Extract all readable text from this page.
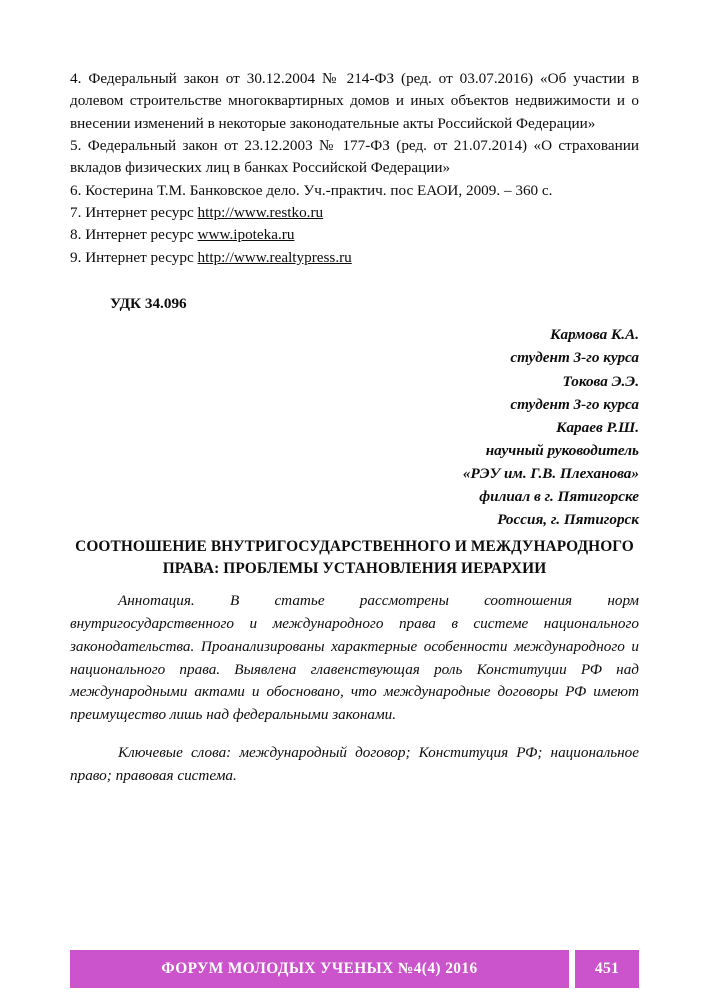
4. Федеральный закон от 30.12.2004 № 214-ФЗ (ред. от 03.07.2016) «Об участии в долевом строительстве многоквартирных домов и иных объектов недвижимости и о внесении изменений в некоторые законодательные акты Российской Федерации»

5. Федеральный закон от 23.12.2003 № 177-ФЗ (ред. от 21.07.2014) «О страховании вкладов физических лиц в банках Российской Федерации»

6. Костерина Т.М. Банковское дело. Уч.-практич. пос ЕАОИ, 2009. – 360 с.

7. Интернет ресурс http://www.restko.ru

8. Интернет ресурс www.ipoteka.ru

9. Интернет ресурс http://www.realtypress.ru

УДК 34.096
Кармова К.А.
студент 3-го курса
Токова Э.Э.
студент 3-го курса
Караев Р.Ш.
научный руководитель
«РЭУ им. Г.В. Плеханова»
филиал в г. Пятигорске
Россия, г. Пятигорск
СООТНОШЕНИЕ ВНУТРИГОСУДАРСТВЕННОГО И МЕЖДУНАРОДНОГО ПРАВА: ПРОБЛЕМЫ УСТАНОВЛЕНИЯ ИЕРАРХИИ

Аннотация. В статье рассмотрены соотношения норм внутригосударственного и международного права в системе национального законодательства. Проанализированы характерные особенности международного и национального права. Выявлена главенствующая роль Конституции РФ над международными актами и обосновано, что международные договоры РФ имеют преимущество лишь над федеральными законами.

Ключевые слова: международный договор; Конституция РФ; национальное право; правовая система.

ФОРУМ МОЛОДЫХ УЧЕНЫХ №4(4) 2016	451
